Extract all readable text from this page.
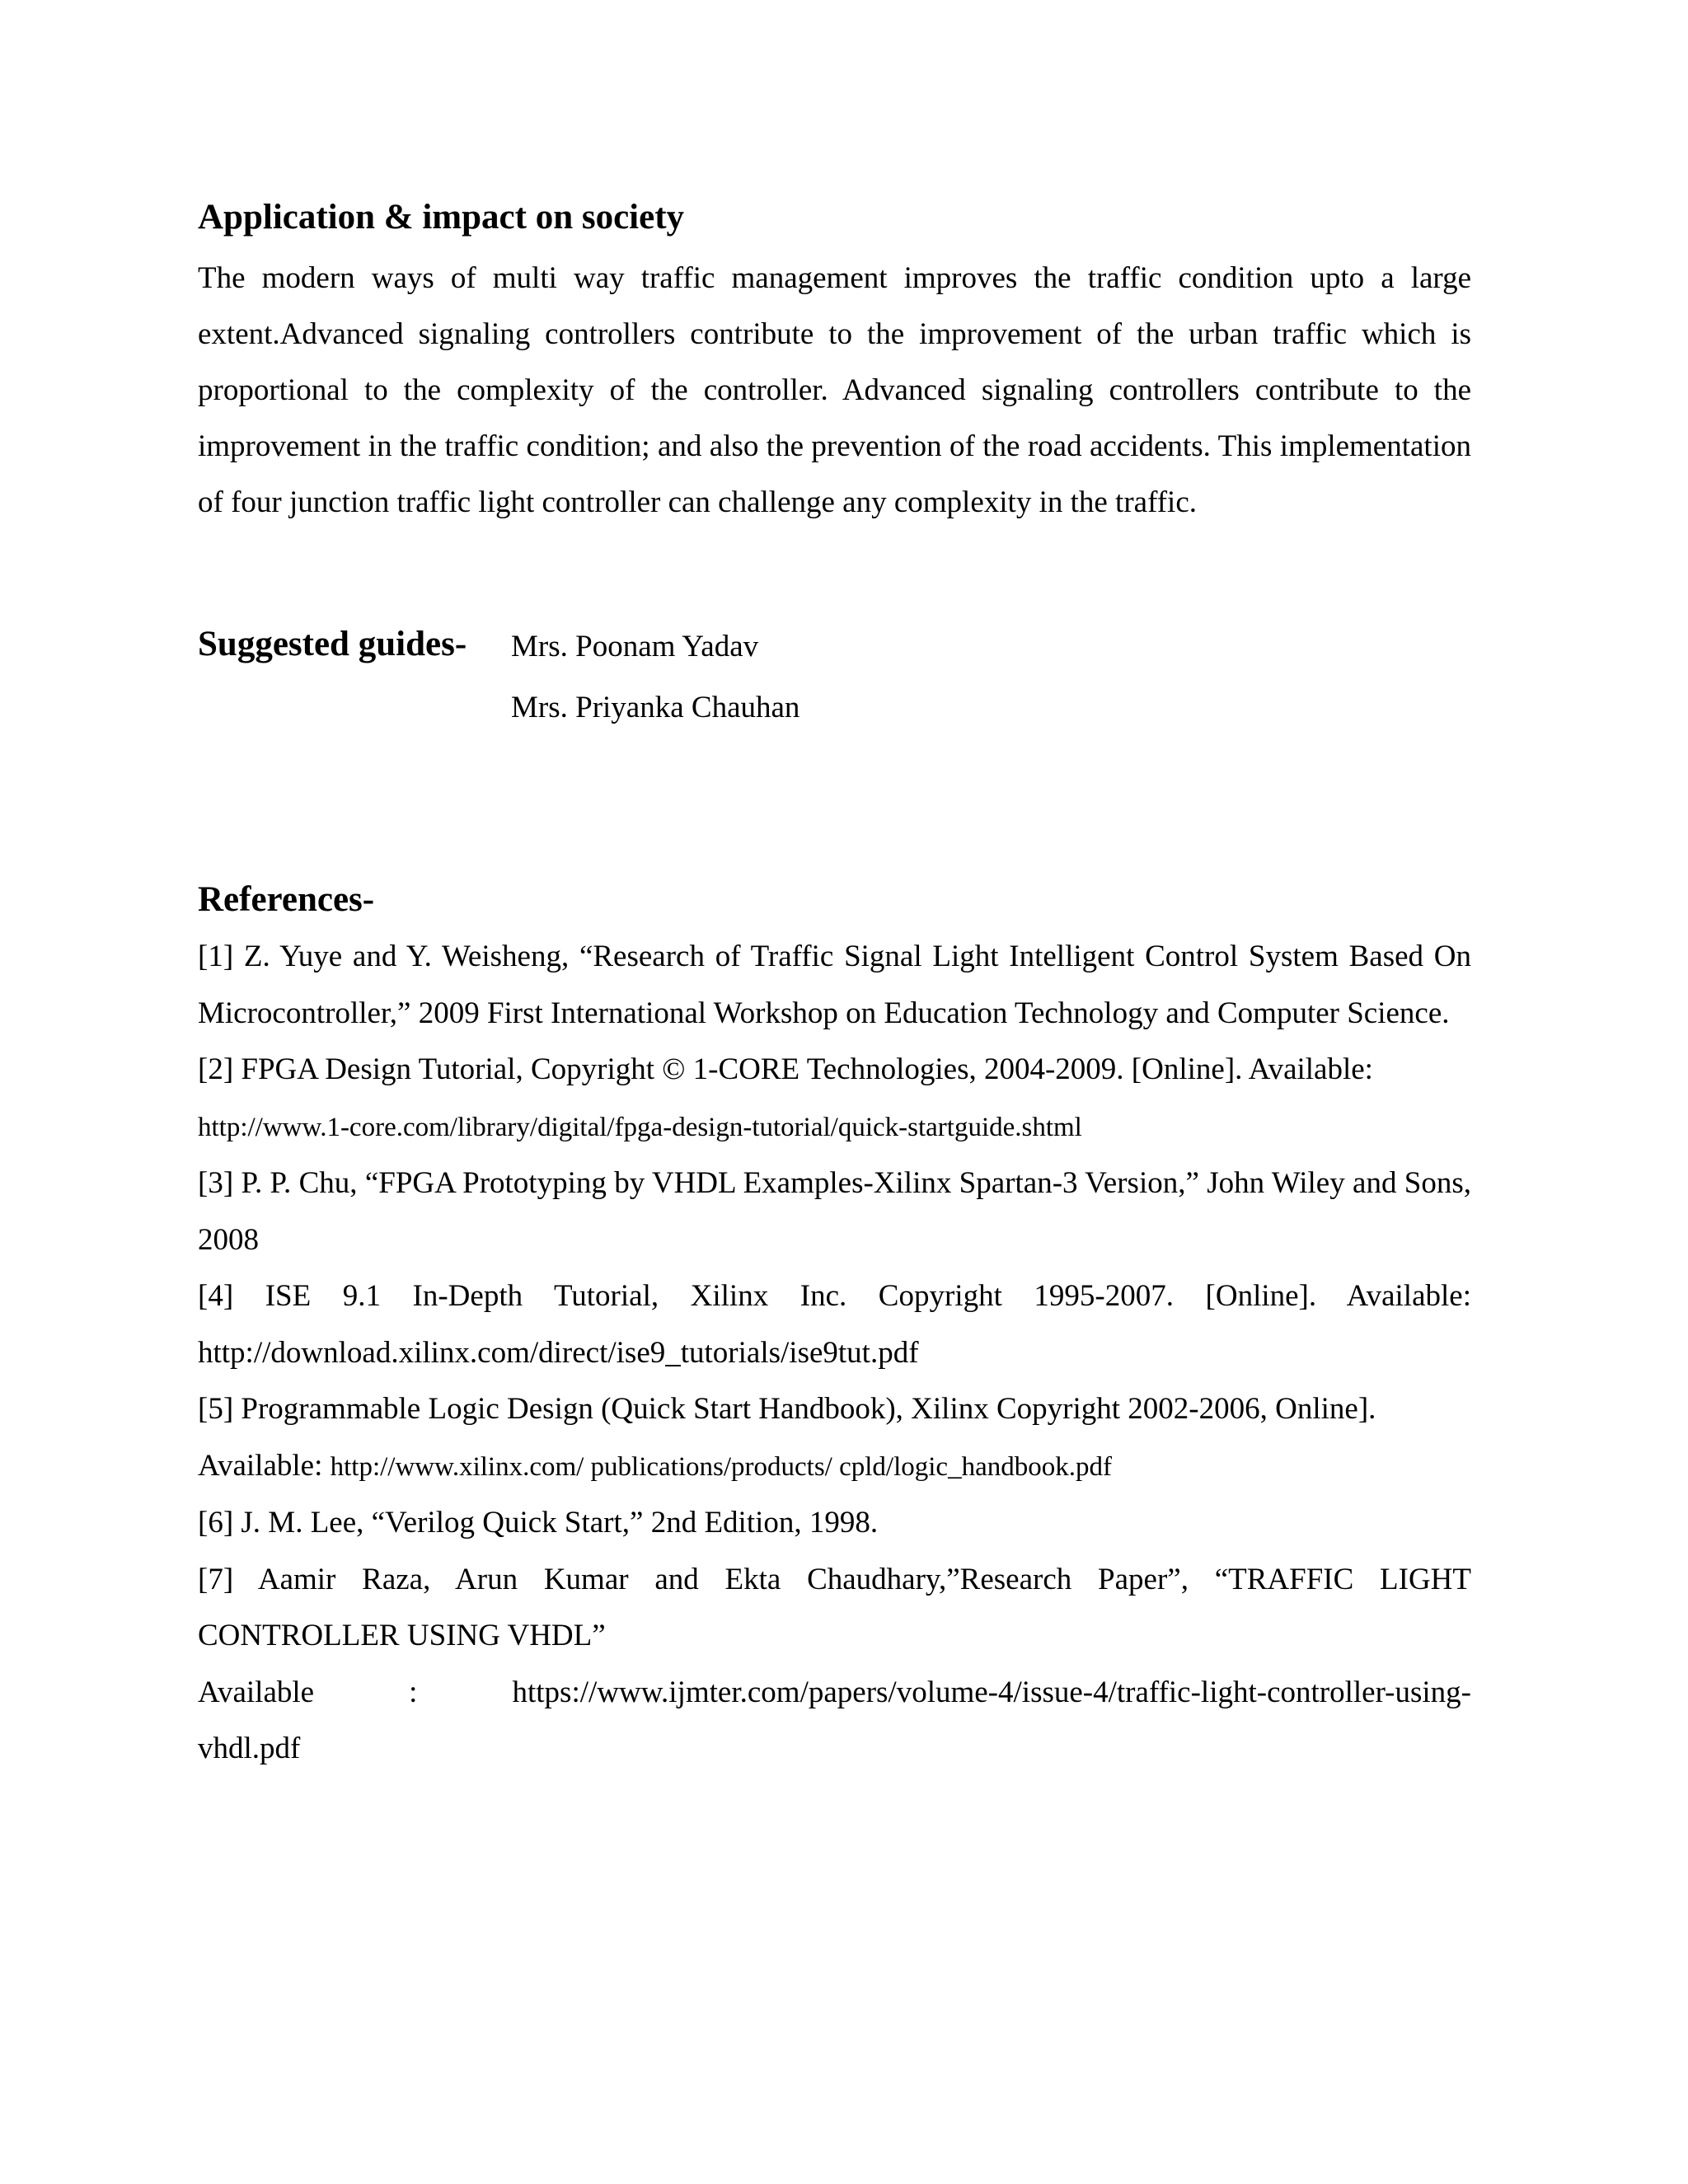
Application & impact on society

The modern ways of multi way traffic management improves the traffic condition upto a large extent.Advanced signaling controllers contribute to the improvement of the urban traffic which is proportional to the complexity of the controller. Advanced signaling controllers contribute to the improvement in the traffic condition; and also the prevention of the road accidents. This implementation of four junction traffic light controller can challenge any complexity in the traffic.

Suggested guides-	Mrs. Poonam Yadav
Mrs. Priyanka Chauhan
References-

[1] Z. Yuye and Y. Weisheng, “Research of Traffic Signal Light Intelligent Control System Based On Microcontroller,” 2009 First International Workshop on Education Technology and Computer Science.

[2] FPGA Design Tutorial, Copyright © 1-CORE Technologies, 2004-2009. [Online]. Available:
http://www.1-core.com/library/digital/fpga-design-tutorial/quick-startguide.shtml

[3] P. P. Chu, “FPGA Prototyping by VHDL Examples-Xilinx Spartan-3 Version,” John Wiley and Sons, 2008

[4] ISE 9.1 In-Depth Tutorial, Xilinx Inc. Copyright 1995-2007. [Online]. Available: http://download.xilinx.com/direct/ise9_tutorials/ise9tut.pdf

[5] Programmable Logic Design (Quick Start Handbook), Xilinx Copyright 2002-2006, Online].
Available: http://www.xilinx.com/ publications/products/ cpld/logic_handbook.pdf

[6] J. M. Lee, “Verilog Quick Start,” 2nd Edition, 1998.

[7] Aamir Raza, Arun Kumar and Ekta Chaudhary,”Research Paper”, “TRAFFIC LIGHT CONTROLLER USING VHDL”
Available	:	https://www.ijmter.com/papers/volume-4/issue-4/traffic-light-controller-using-
vhdl.pdf
